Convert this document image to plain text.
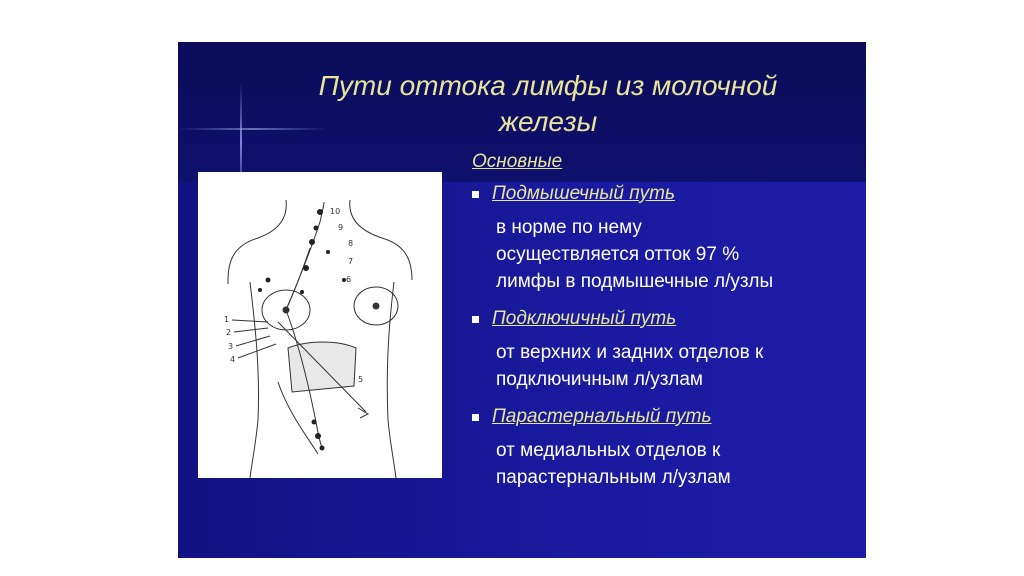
Пути оттока лимфы из молочной
железы
10
9
8
7
6
5
1
2
3
4
Основные
Подмышечный путь
в норме по нему
осуществляется отток 97 %
лимфы в подмышечные л/узлы
Подключичный путь
от верхних и задних отделов к
подключичным л/узлам
Парастернальный путь
от медиальных отделов к
парастернальным л/узлам
